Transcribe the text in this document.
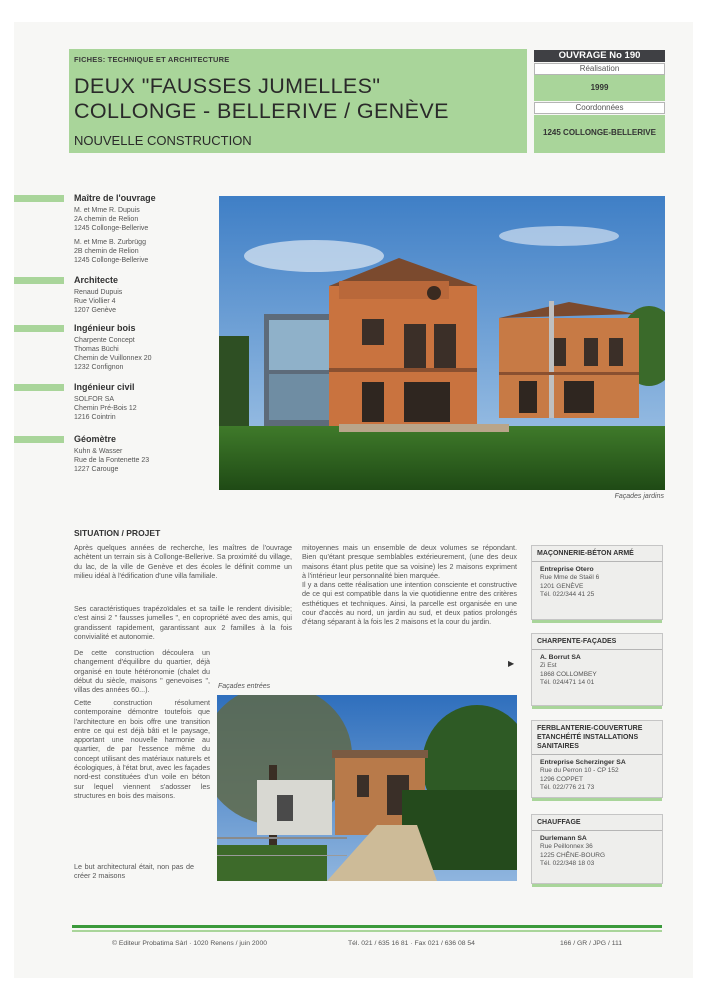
FICHES: TECHNIQUE ET ARCHITECTURE
DEUX "FAUSSES JUMELLES"
COLLONGE - BELLERIVE / GENÈVE
NOUVELLE CONSTRUCTION
OUVRAGE No 190
Réalisation
1999
Coordonnées
1245 COLLONGE-BELLERIVE
Maître de l'ouvrage
M. et Mme R. Dupuis
2A chemin de Relion
1245 Collonge-Bellerive
M. et Mme B. Zurbrügg
2B chemin de Relion
1245 Collonge-Bellerive
Architecte
Renaud Dupuis
Rue Viollier 4
1207 Genève
Ingénieur bois
Charpente Concept
Thomas Büchi
Chemin de Vuillonnex 20
1232 Confignon
Ingénieur civil
SOLFOR SA
Chemin Pré-Bois 12
1216 Cointrin
Géomètre
Kuhn & Wasser
Rue de la Fontenette 23
1227 Carouge
Façades jardins
SITUATION / PROJET

Après quelques années de recherche, les maîtres de l'ouvrage achètent un terrain sis à Collonge-Bellerive. Sa proximité du village, du lac, de la ville de Genève et des écoles le définit comme un milieu idéal à l'édification d'une villa familiale.

Ses caractéristiques trapézoïdales et sa taille le rendent divisible; c'est ainsi 2 " fausses jumelles ", en copropriété avec des amis, qui grandissent rapidement, garantissant aux 2 familles à la fois convivialité et autonomie.

De cette construction découlera un changement d'équilibre du quartier, déjà organisé en toute hétéronomie (chalet du début du siècle, maisons " genevoises ", villas des années 60...).

Cette construction résolument contemporaine démontre toutefois que l'architecture en bois offre une transition entre ce qui est déjà bâti et le paysage, apportant une nouvelle harmonie au quartier, de par l'essence même du concept utilisant des matériaux naturels et écologiques, à l'état brut, avec les façades nord-est constituées d'un voile en béton sur lequel viennent s'adosser les structures en bois des maisons.

Le but architectural était, non pas de créer 2 maisons

mitoyennes mais un ensemble de deux volumes se répondant. Bien qu'étant presque semblables extérieurement, (une des deux maisons étant plus petite que sa voisine) les 2 maisons expriment à l'intérieur leur personnalité bien marquée.

Il y a dans cette réalisation une intention consciente et constructive de ce qui est compatible dans la vie quotidienne entre des critères esthétiques et techniques. Ainsi, la parcelle est organisée en une cour d'accès au nord, un jardin au sud, et deux patios prolongés d'étang séparant à la fois les 2 maisons et la cour du jardin.

▶
Façades entrées
MAÇONNERIE-BÉTON ARMÉ
Entreprise Otero
Rue Mme de Staël 6
1201 GENÈVE
Tél. 022/344 41 25
CHARPENTE-FAÇADES
A. Borrut SA
Zi Est
1868 COLLOMBEY
Tél. 024/471 14 01
FERBLANTERIE-COUVERTURE ETANCHÉITÉ INSTALLATIONS SANITAIRES
Entreprise Scherzinger SA
Rue du Perron 10 - CP 152
1296 COPPET
Tél. 022/776 21 73
CHAUFFAGE
Durlemann SA
Rue Peillonnex 36
1225 CHÊNE-BOURG
Tél. 022/348 18 03
© Editeur Probatima Sàrl · 1020 Renens / juin 2000	Tél. 021 / 635 16 81 · Fax 021 / 636 08 54	166 / GR / JPG / 111
